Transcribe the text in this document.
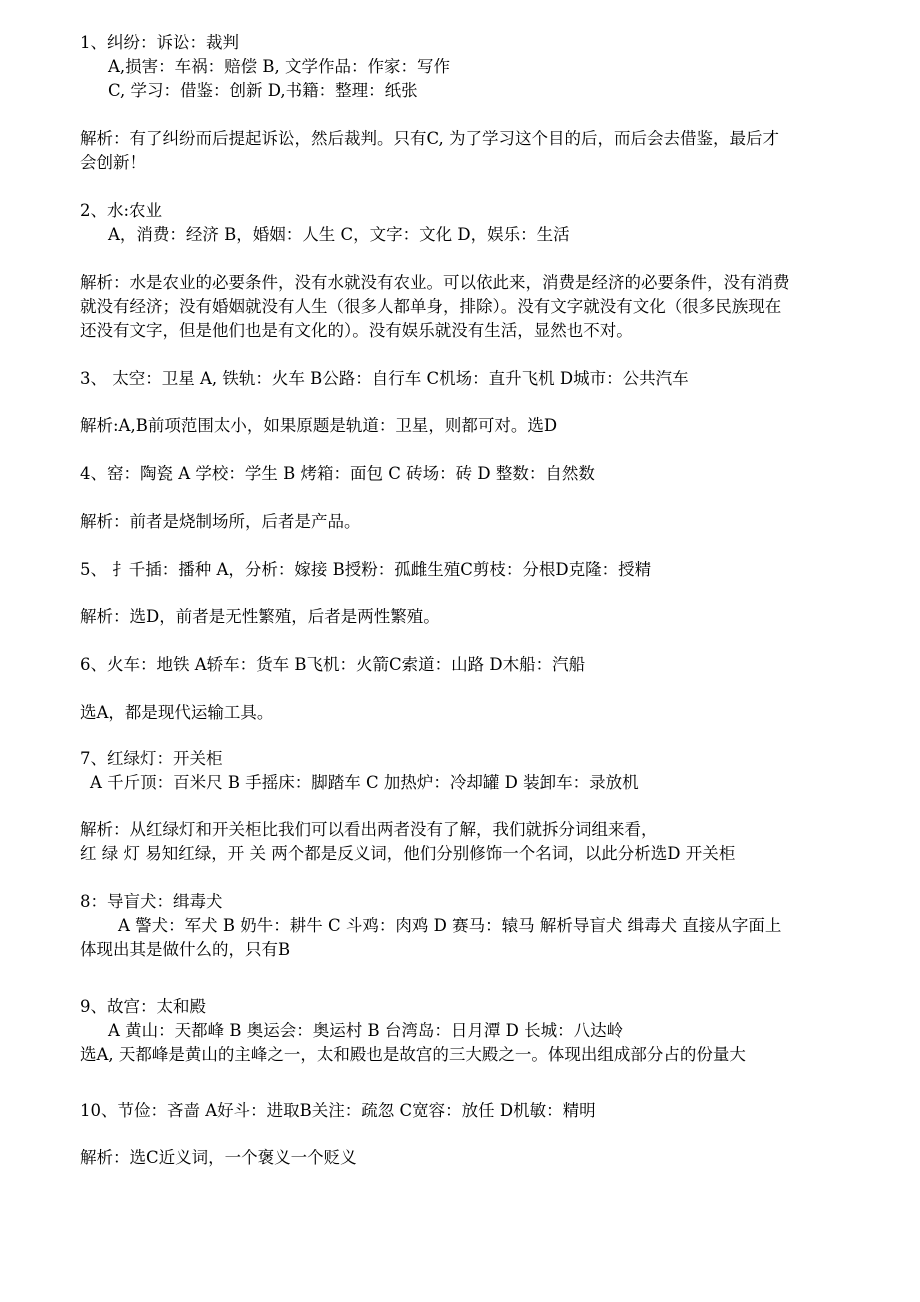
1、纠纷：诉讼：裁判
A,损害：车祸：赔偿 B, 文学作品：作家：写作
C, 学习：借鉴：创新 D,书籍：整理：纸张
解析：有了纠纷而后提起诉讼，然后裁判。只有C, 为了学习这个目的后，而后会去借鉴，最后才
会创新！
2、水:农业
A，消费：经济 B，婚姻：人生 C，文字：文化 D，娱乐：生活
解析：水是农业的必要条件，没有水就没有农业。可以依此来，消费是经济的必要条件，没有消费
就没有经济；没有婚姻就没有人生（很多人都单身，排除）。没有文字就没有文化（很多民族现在
还没有文字，但是他们也是有文化的）。没有娱乐就没有生活，显然也不对。
3、 太空：卫星 A, 铁轨：火车 B公路：自行车 C机场：直升飞机 D城市：公共汽车
解析:A,B前项范围太小，如果原题是轨道：卫星，则都可对。选D
4、窑：陶瓷 A 学校：学生 B 烤箱：面包 C 砖场：砖 D 整数：自然数
解析：前者是烧制场所，后者是产品。
5、 扌千插：播种 A，分析：嫁接 B授粉：孤雌生殖C剪枝：分根D克隆：授精
解析：选D，前者是无性繁殖，后者是两性繁殖。
6、火车：地铁 A轿车：货车 B飞机：火箭C索道：山路 D木船：汽船
选A，都是现代运输工具。
7、红绿灯：开关柜
A 千斤顶：百米尺 B 手摇床：脚踏车 C 加热炉：冷却罐 D 装卸车：录放机
解析：从红绿灯和开关柜比我们可以看出两者没有了解，我们就拆分词组来看，
红 绿 灯 易知红绿，开 关 两个都是反义词，他们分别修饰一个名词，以此分析选D 开关柜
8：导盲犬：缉毒犬
A 警犬：军犬 B 奶牛：耕牛 C 斗鸡：肉鸡 D 赛马：辕马 解析导盲犬 缉毒犬 直接从字面上
体现出其是做什么的，只有B
9、故宫：太和殿
A 黄山：天都峰 B 奥运会：奥运村 B 台湾岛：日月潭 D 长城：八达岭
选A, 天都峰是黄山的主峰之一，太和殿也是故宫的三大殿之一。体现出组成部分占的份量大
10、节俭：吝啬 A好斗：进取B关注：疏忽 C宽容：放任 D机敏：精明
解析：选C近义词，一个褒义一个贬义
